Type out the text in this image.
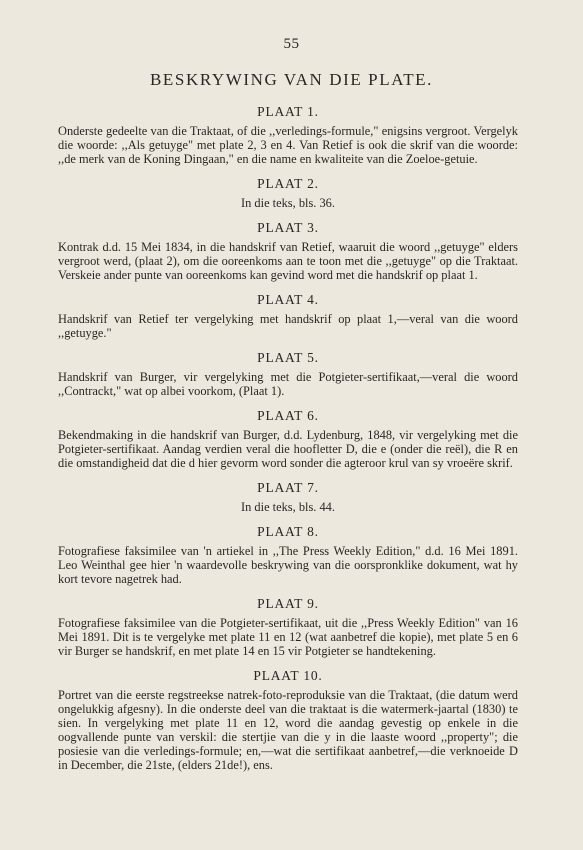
55
BESKRYWING VAN DIE PLATE.
PLAAT 1.

Onderste gedeelte van die Traktaat, of die ,,verledings-formule," enigsins vergroot. Vergelyk die woorde: ,,Als getuyge" met plate 2, 3 en 4. Van Retief is ook die skrif van die woorde: ,,de merk van de Koning Dingaan," en die name en kwaliteite van die Zoeloe-getuie.

PLAAT 2.

In die teks, bls. 36.

PLAAT 3.

Kontrak d.d. 15 Mei 1834, in die handskrif van Retief, waaruit die woord ,,getuyge" elders vergroot werd, (plaat 2), om die ooreenkoms aan te toon met die ,,getuyge" op die Traktaat. Verskeie ander punte van ooreenkoms kan gevind word met die handskrif op plaat 1.

PLAAT 4.

Handskrif van Retief ter vergelyking met handskrif op plaat 1,—veral van die woord ,,getuyge."

PLAAT 5.

Handskrif van Burger, vir vergelyking met die Potgieter-sertifikaat,—veral die woord ,,Contrackt," wat op albei voorkom, (Plaat 1).

PLAAT 6.

Bekendmaking in die handskrif van Burger, d.d. Lydenburg, 1848, vir vergelyking met die Potgieter-sertifikaat. Aandag verdien veral die hoofletter D, die e (onder die reël), die R en die omstandigheid dat die d hier gevorm word sonder die agteroor krul van sy vroeëre skrif.

PLAAT 7.

In die teks, bls. 44.

PLAAT 8.

Fotografiese faksimilee van 'n artiekel in ,,The Press Weekly Edition," d.d. 16 Mei 1891. Leo Weinthal gee hier 'n waardevolle beskrywing van die oorspronklike dokument, wat hy kort tevore nagetrek had.

PLAAT 9.

Fotografiese faksimilee van die Potgieter-sertifikaat, uit die ,,Press Weekly Edition" van 16 Mei 1891. Dit is te vergelyke met plate 11 en 12 (wat aanbetref die kopie), met plate 5 en 6 vir Burger se handskrif, en met plate 14 en 15 vir Potgieter se handtekening.

PLAAT 10.

Portret van die eerste regstreekse natrek-foto-reproduksie van die Traktaat, (die datum werd ongelukkig afgesny). In die onderste deel van die traktaat is die watermerk-jaartal (1830) te sien. In vergelyking met plate 11 en 12, word die aandag gevestig op enkele in die oogvallende punte van verskil: die stertjie van die y in die laaste woord ,,property"; die posiesie van die verledings-formule; en,—wat die sertifikaat aanbetref,—die verknoeide D in December, die 21ste, (elders 21de!), ens.
